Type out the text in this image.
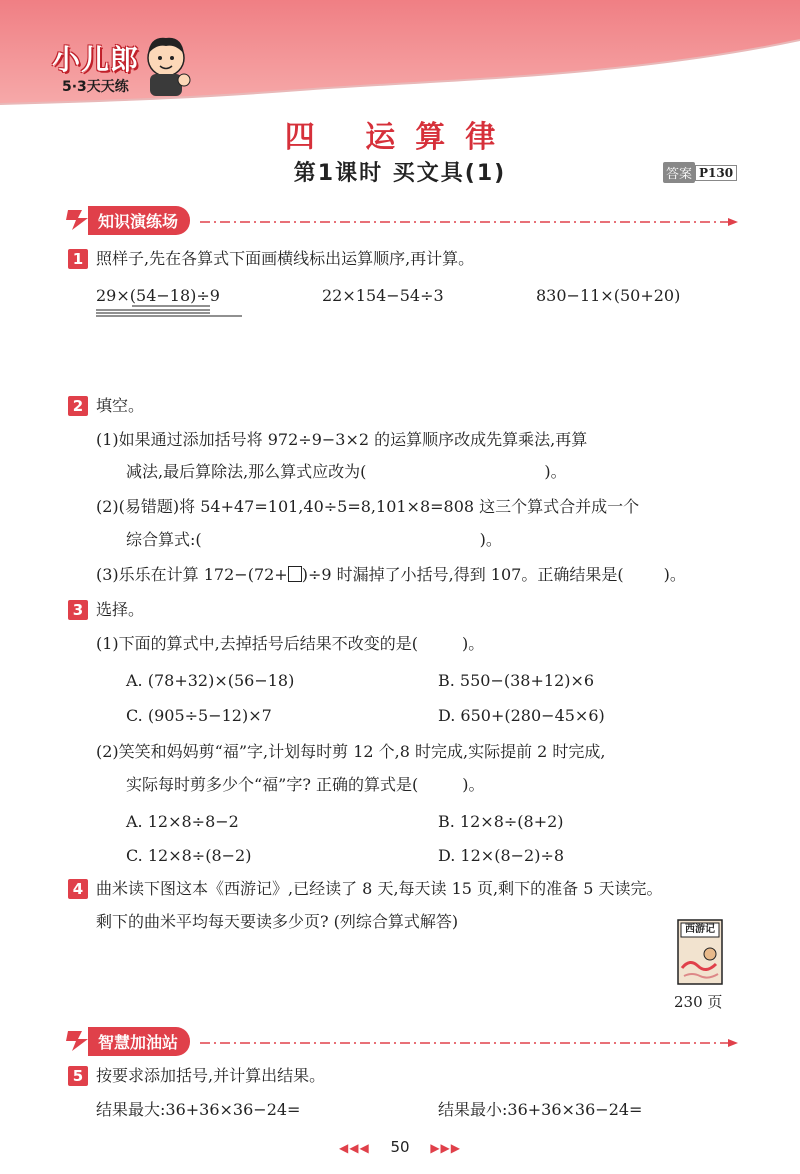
小儿郎
5·3天天练
四 运算律
第1课时 买文具(1)	答案 P130
知识演练场
1 照样子,先在各算式下面画横线标出运算顺序,再计算。
29×(54−18)÷9	22×154−54÷3	830−11×(50+20)
2 填空。
(1)如果通过添加括号将 972÷9−3×2 的运算顺序改成先算乘法,再算
减法,最后算除法,那么算式应改为(	)。
(2)(易错题)将 54+47=101,40÷5=8,101×8=808 这三个算式合并成一个
综合算式:(	)。
(3)乐乐在计算 172−(72+ )÷9 时漏掉了小括号,得到 107。正确结果是(	)。
3 选择。
(1)下面的算式中,去掉括号后结果不改变的是(	)。
A. (78+32)×(56−18)	B. 550−(38+12)×6
C. (905÷5−12)×7	D. 650+(280−45×6)
(2)笑笑和妈妈剪“福”字,计划每时剪 12 个,8 时完成,实际提前 2 时完成,
实际每时剪多少个“福”字? 正确的算式是(	)。
A. 12×8÷8−2	B. 12×8÷(8+2)
C. 12×8÷(8−2)	D. 12×(8−2)÷8
4 曲米读下图这本《西游记》,已经读了 8 天,每天读 15 页,剩下的准备 5 天读完。
剩下的曲米平均每天要读多少页? (列综合算式解答)	西游记
230 页
智慧加油站
5 按要求添加括号,并计算出结果。
结果最大:36+36×36−24=	结果最小:36+36×36−24=
◀◀◀ 50 ▶▶▶
